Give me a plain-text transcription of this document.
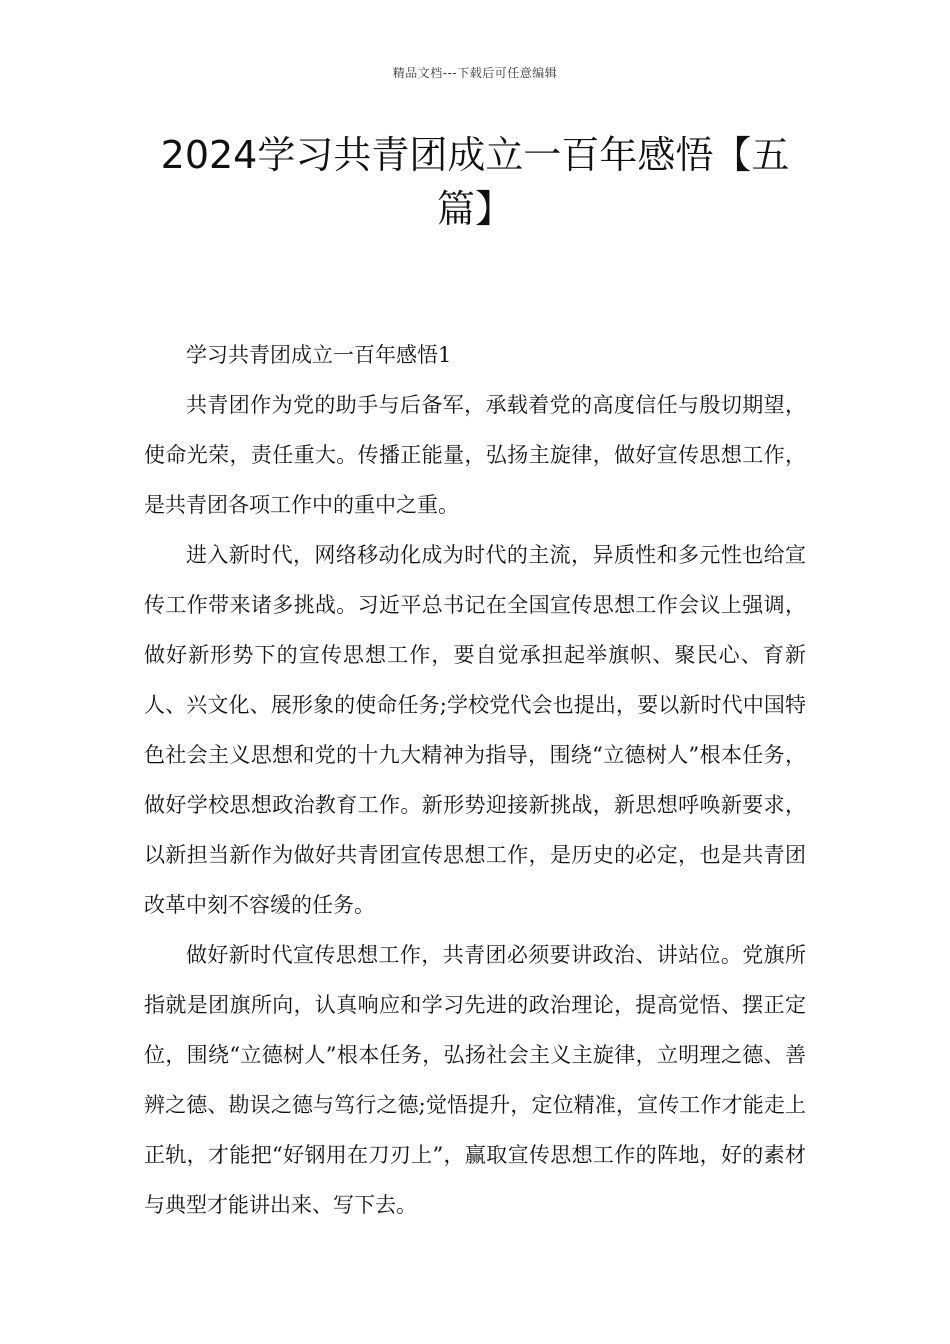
精品文档---下载后可任意编辑
2024学习共青团成立一百年感悟【五篇】

学习共青团成立一百年感悟1

共青团作为党的助手与后备军，承载着党的高度信任与殷切期望，使命光荣，责任重大。传播正能量，弘扬主旋律，做好宣传思想工作，是共青团各项工作中的重中之重。

进入新时代，网络移动化成为时代的主流，异质性和多元性也给宣传工作带来诸多挑战。习近平总书记在全国宣传思想工作会议上强调，做好新形势下的宣传思想工作，要自觉承担起举旗帜、聚民心、育新人、兴文化、展形象的使命任务;学校党代会也提出，要以新时代中国特色社会主义思想和党的十九大精神为指导，围绕“立德树人”根本任务，做好学校思想政治教育工作。新形势迎接新挑战，新思想呼唤新要求，以新担当新作为做好共青团宣传思想工作，是历史的必定，也是共青团改革中刻不容缓的任务。

做好新时代宣传思想工作，共青团必须要讲政治、讲站位。党旗所指就是团旗所向，认真响应和学习先进的政治理论，提高觉悟、摆正定位，围绕“立德树人”根本任务，弘扬社会主义主旋律，立明理之德、善辨之德、勘误之德与笃行之德;觉悟提升，定位精准，宣传工作才能走上正轨，才能把“好钢用在刀刃上”，赢取宣传思想工作的阵地，好的素材与典型才能讲出来、写下去。
